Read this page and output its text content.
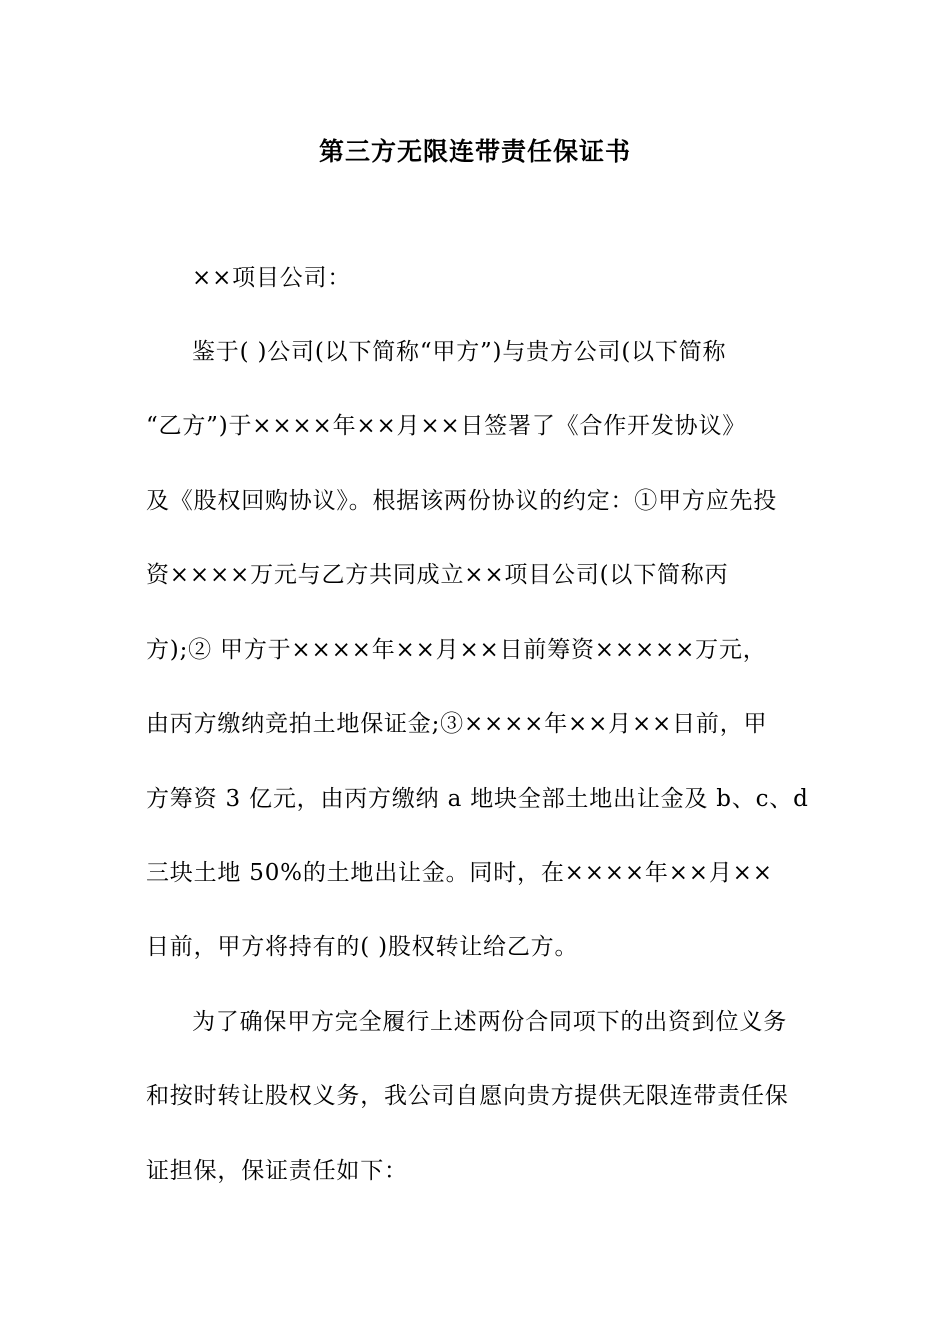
第三方无限连带责任保证书
××项目公司：
鉴于( )公司(以下简称“甲方”)与贵方公司(以下简称
“乙方”)于××××年××月××日签署了《合作开发协议》
及《股权回购协议》。根据该两份协议的约定：①甲方应先投
资××××万元与乙方共同成立××项目公司(以下简称丙
方);② 甲方于××××年××月××日前筹资×××××万元，
由丙方缴纳竞拍土地保证金;③××××年××月××日前，甲
方筹资 3 亿元，由丙方缴纳 a 地块全部土地出让金及 b、c、d
三块土地 50%的土地出让金。同时，在××××年××月××
日前，甲方将持有的( )股权转让给乙方。
为了确保甲方完全履行上述两份合同项下的出资到位义务
和按时转让股权义务，我公司自愿向贵方提供无限连带责任保
证担保，保证责任如下：
